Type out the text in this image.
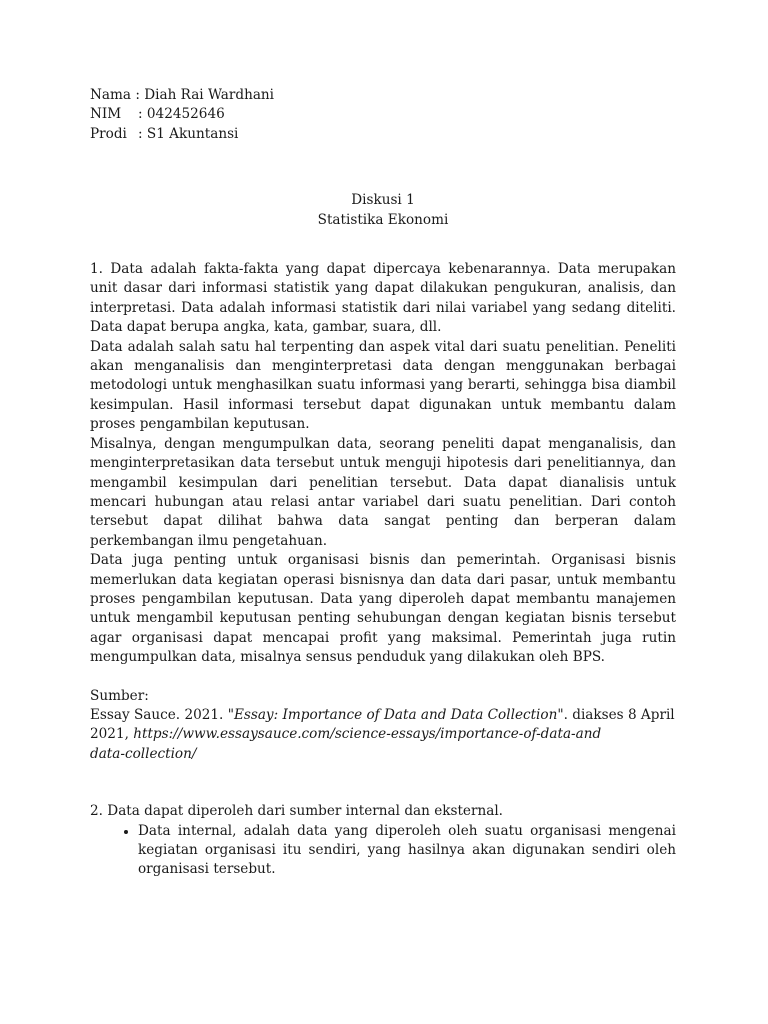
Nama
: Diah Rai Wardhani
NIM	: 042452646
Prodi : S1 Akuntansi
Diskusi 1
Statistika Ekonomi

1. Data adalah fakta-fakta yang dapat dipercaya kebenarannya. Data merupakan unit dasar dari informasi statistik yang dapat dilakukan pengukuran, analisis, dan interpretasi. Data adalah informasi statistik dari nilai variabel yang sedang diteliti. Data dapat berupa angka, kata, gambar, suara, dll.

Data adalah salah satu hal terpenting dan aspek vital dari suatu penelitian. Peneliti akan menganalisis dan menginterpretasi data dengan menggunakan berbagai metodologi untuk menghasilkan suatu informasi yang berarti, sehingga bisa diambil kesimpulan. Hasil informasi tersebut dapat digunakan untuk membantu dalam proses pengambilan keputusan.

Misalnya, dengan mengumpulkan data, seorang peneliti dapat menganalisis, dan menginterpretasikan data tersebut untuk menguji hipotesis dari penelitiannya, dan mengambil kesimpulan dari penelitian tersebut. Data dapat dianalisis untuk mencari hubungan atau relasi antar variabel dari suatu penelitian. Dari contoh tersebut dapat dilihat bahwa data sangat penting dan berperan dalam perkembangan ilmu pengetahuan.

Data juga penting untuk organisasi bisnis dan pemerintah. Organisasi bisnis memerlukan data kegiatan operasi bisnisnya dan data dari pasar, untuk membantu proses pengambilan keputusan. Data yang diperoleh dapat membantu manajemen untuk mengambil keputusan penting sehubungan dengan kegiatan bisnis tersebut agar organisasi dapat mencapai profit yang maksimal. Pemerintah juga rutin mengumpulkan data, misalnya sensus penduduk yang dilakukan oleh BPS.

Sumber:

Essay Sauce. 2021. "Essay: Importance of Data and Data Collection". diakses 8 April

2021, https://www.essaysauce.com/science-essays/importance-of-data-and

data-collection/

2. Data dapat diperoleh dari sumber internal dan eksternal.

• Data internal, adalah data yang diperoleh oleh suatu organisasi mengenai kegiatan organisasi itu sendiri, yang hasilnya akan digunakan sendiri oleh organisasi tersebut.
